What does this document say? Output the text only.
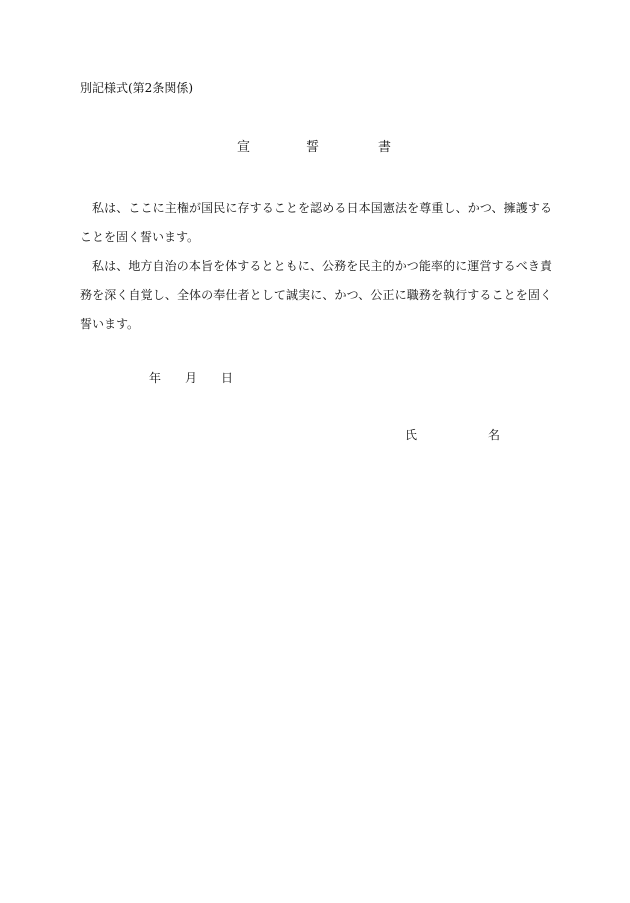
別記様式(第2条関係)
宣	誓	書

私は、ここに主権が国民に存することを認める日本国憲法を尊重し、かつ、擁護することを固く誓います。

私は、地方自治の本旨を体するとともに、公務を民主的かつ能率的に運営するべき責務を深く自覚し、全体の奉仕者として誠実に、かつ、公正に職務を執行することを固く誓います。

年 月 日
氏	名
